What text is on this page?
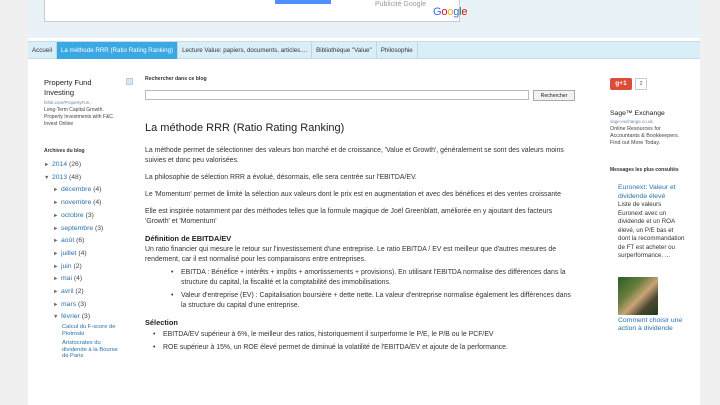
Publicité Google
Google
Accueil	La méthode RRR (Ratio Rating Ranking)	Lecture Value: papiers, documents, articles....	Bibliothèque "Value"	Philosophie
Property Fund Investing
fsfsb.com/PropertyFun...
Long-Term Capital Growth. Property Investments with F&C. Invest Online
Archives du blog
► 2014 (26)
▼ 2013 (48)
► décembre (4)
► novembre (4)
► octobre (3)
► septembre (3)
► août (6)
► juillet (4)
► juin (2)
► mai (4)
► avril (2)
► mars (3)
▼ février (3)
Calcul du F-score de Piotroski
Aristocrates du dividende à la Bourse de Paris
Rechercher dans ce blog
Rechercher
La méthode RRR (Ratio Rating Ranking)
La méthode permet de sélectionner des valeurs bon marché et de croissance, 'Value et Growth', généralement se sont des valeurs moins suivies et donc peu valorisées.
La philosophie de sélection RRR a évolué, désormais, elle sera centrée sur l'EBITDA/EV.
Le 'Momentum' permet de limité la sélection aux valeurs dont le prix est en augmentation et avec des bénéfices et des ventes croissante
Elle est inspirée notamment par des méthodes telles que la formule magique de Joël Greenblatt, améliorée en y ajoutant des facteurs 'Growth' et 'Momentum'
Définition de EBITDA/EV
Un ratio financier qui mesure le retour sur l'investissement d'une entreprise. Le ratio EBITDA / EV est meilleur que d'autres mesures de rendement, car il est normalisé pour les comparaisons entre entreprises.
• EBITDA : Bénéfice + intérêts + impôts + amortissements + provisions). En utilisant l'EBITDA normalise des différences dans la structure du capital, la fiscalité et la comptabilité des immobilisations.
• Valeur d'entreprise (EV) : Capitalisation boursière + dette nette. La valeur d'entreprise normalise également les différences dans la structure du capital d'une entreprise.
Sélection
• EBITDA/EV supérieur à 6%, le meilleur des ratios, historiquement il surperforme le P/E, le P/B ou le PCF/EV
• ROE supérieur à 15%, un ROE élevé permet de diminué la volatilité de l'EBITDA/EV et ajoute de la performance.
g+1	2
Sage™ Exchange
sage-exchange.co.uk
Online Resources for Accountants & Bookkeepers. Find out More Today.
Messages les plus consultés
Euronext: Valeur et dividende élevé
Liste de valeurs Euronext avec un dividende et un ROA élevé, un P/E bas et dont la recommandation de FT est acheter ou surperformance. ...
Comment choisir une action à dividende
